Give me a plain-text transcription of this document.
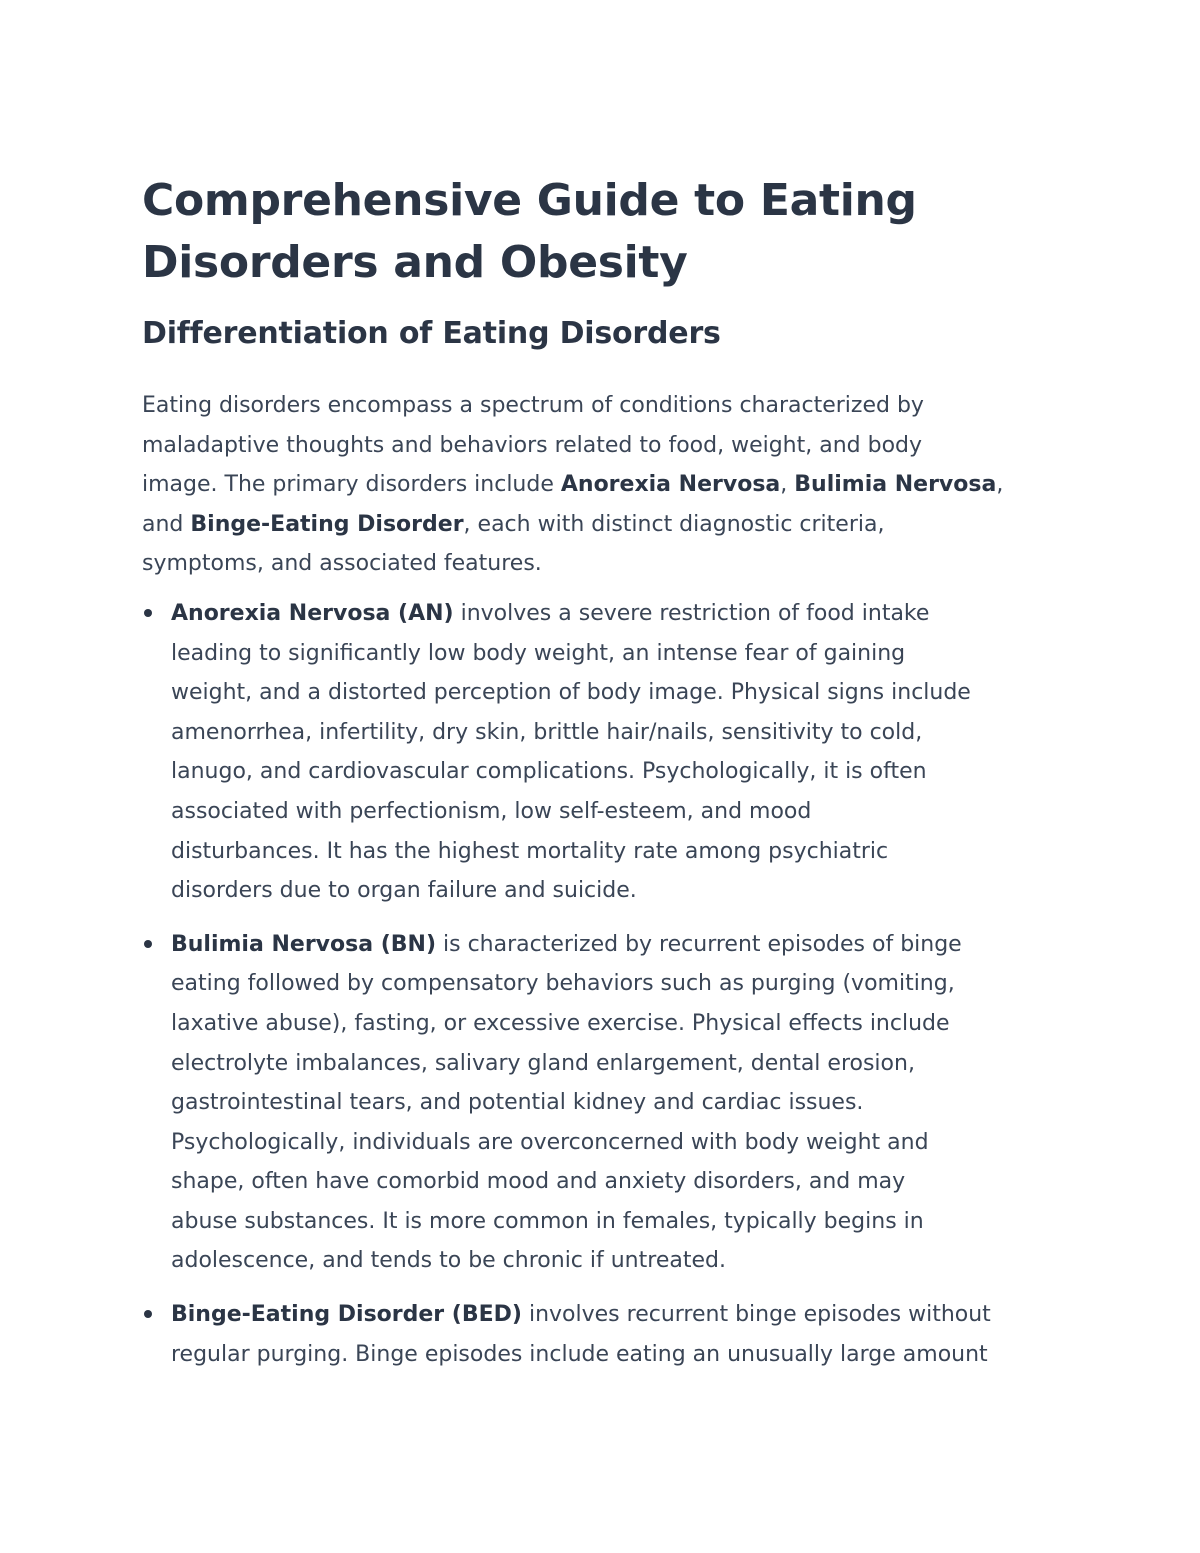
Comprehensive Guide to Eating
Disorders and Obesity
Differentiation of Eating Disorders

Eating disorders encompass a spectrum of conditions characterized by
maladaptive thoughts and behaviors related to food, weight, and body
image. The primary disorders include Anorexia Nervosa, Bulimia Nervosa,
and Binge-Eating Disorder, each with distinct diagnostic criteria,
symptoms, and associated features.

Anorexia Nervosa (AN) involves a severe restriction of food intake
leading to significantly low body weight, an intense fear of gaining
weight, and a distorted perception of body image. Physical signs include
amenorrhea, infertility, dry skin, brittle hair/nails, sensitivity to cold,
lanugo, and cardiovascular complications. Psychologically, it is often
associated with perfectionism, low self-esteem, and mood
disturbances. It has the highest mortality rate among psychiatric
disorders due to organ failure and suicide.
Bulimia Nervosa (BN) is characterized by recurrent episodes of binge
eating followed by compensatory behaviors such as purging (vomiting,
laxative abuse), fasting, or excessive exercise. Physical effects include
electrolyte imbalances, salivary gland enlargement, dental erosion,
gastrointestinal tears, and potential kidney and cardiac issues.
Psychologically, individuals are overconcerned with body weight and
shape, often have comorbid mood and anxiety disorders, and may
abuse substances. It is more common in females, typically begins in
adolescence, and tends to be chronic if untreated.
Binge-Eating Disorder (BED) involves recurrent binge episodes without
regular purging. Binge episodes include eating an unusually large amount
